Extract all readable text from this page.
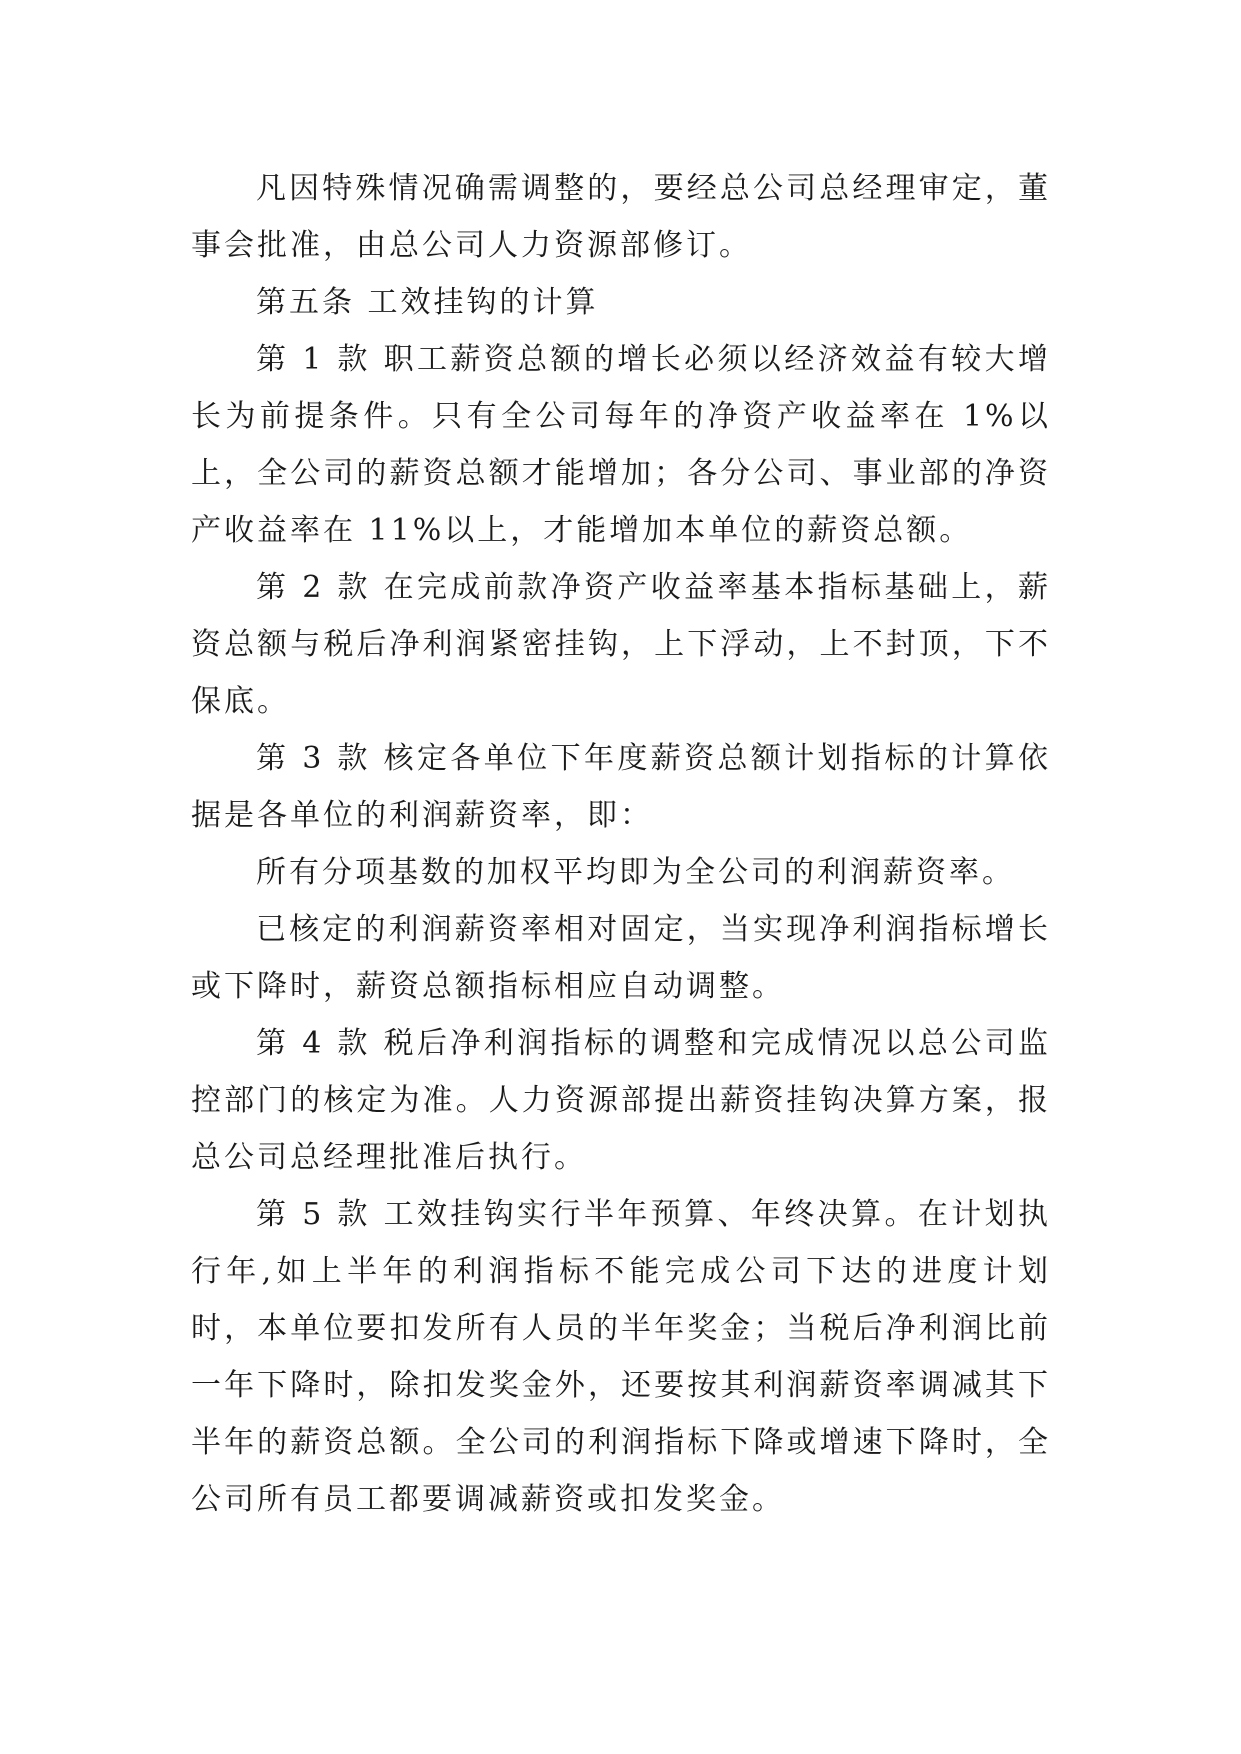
凡因特殊情况确需调整的，要经总公司总经理审定，董事会批准，由总公司人力资源部修订。

第五条 工效挂钩的计算

第 1 款 职工薪资总额的增长必须以经济效益有较大增长为前提条件。只有全公司每年的净资产收益率在 1%以上，全公司的薪资总额才能增加；各分公司、事业部的净资产收益率在 11%以上，才能增加本单位的薪资总额。

第 2 款 在完成前款净资产收益率基本指标基础上，薪资总额与税后净利润紧密挂钩，上下浮动，上不封顶，下不保底。

第 3 款 核定各单位下年度薪资总额计划指标的计算依据是各单位的利润薪资率，即：

所有分项基数的加权平均即为全公司的利润薪资率。

已核定的利润薪资率相对固定，当实现净利润指标增长或下降时，薪资总额指标相应自动调整。

第 4 款 税后净利润指标的调整和完成情况以总公司监控部门的核定为准。人力资源部提出薪资挂钩决算方案，报总公司总经理批准后执行。

第 5 款 工效挂钩实行半年预算、年终决算。在计划执行年,如上半年的利润指标不能完成公司下达的进度计划时，本单位要扣发所有人员的半年奖金；当税后净利润比前一年下降时，除扣发奖金外，还要按其利润薪资率调减其下半年的薪资总额。全公司的利润指标下降或增速下降时，全公司所有员工都要调减薪资或扣发奖金。
